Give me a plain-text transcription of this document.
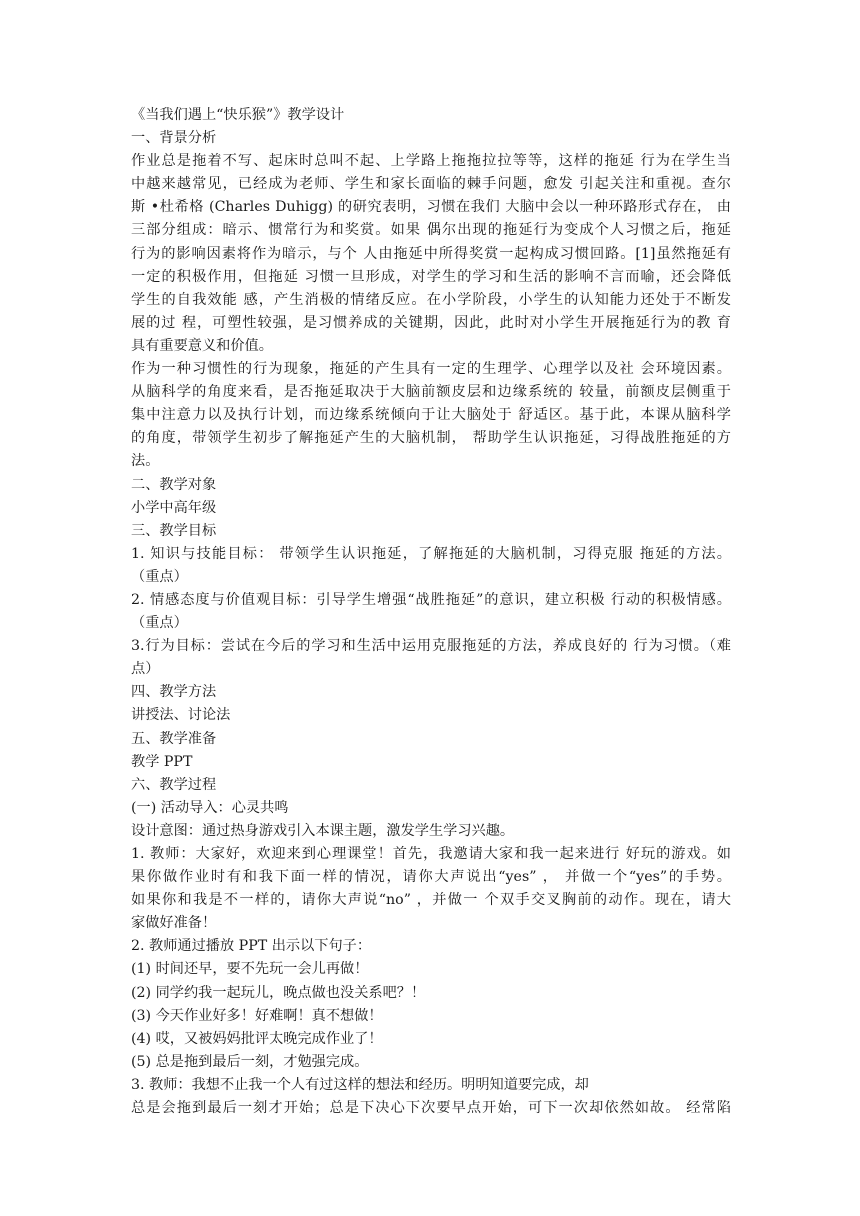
《当我们遇上“快乐猴”》教学设计
一、背景分析
作业总是拖着不写、起床时总叫不起、上学路上拖拖拉拉等等，这样的拖延 行为在学生当
中越来越常见，已经成为老师、学生和家长面临的棘手问题，愈发 引起关注和重视。查尔
斯 •杜希格 (Charles Duhigg) 的研究表明，习惯在我们 大脑中会以一种环路形式存在， 由
三部分组成：暗示、惯常行为和奖赏。如果 偶尔出现的拖延行为变成个人习惯之后，拖延
行为的影响因素将作为暗示，与个 人由拖延中所得奖赏一起构成习惯回路。[1]虽然拖延有
一定的积极作用，但拖延 习惯一旦形成，对学生的学习和生活的影响不言而喻，还会降低
学生的自我效能 感，产生消极的情绪反应。在小学阶段，小学生的认知能力还处于不断发
展的过 程，可塑性较强，是习惯养成的关键期，因此，此时对小学生开展拖延行为的教 育
具有重要意义和价值。
作为一种习惯性的行为现象，拖延的产生具有一定的生理学、心理学以及社 会环境因素。
从脑科学的角度来看，是否拖延取决于大脑前额皮层和边缘系统的 较量，前额皮层侧重于
集中注意力以及执行计划，而边缘系统倾向于让大脑处于 舒适区。基于此，本课从脑科学
的角度，带领学生初步了解拖延产生的大脑机制， 帮助学生认识拖延，习得战胜拖延的方
法。
二、教学对象
小学中高年级
三、教学目标
1. 知识与技能目标： 带领学生认识拖延，了解拖延的大脑机制，习得克服 拖延的方法。
（重点）
2. 情感态度与价值观目标：引导学生增强“战胜拖延”的意识，建立积极 行动的积极情感。
（重点）
3.行为目标：尝试在今后的学习和生活中运用克服拖延的方法，养成良好的 行为习惯。（难
点）
四、教学方法
讲授法、讨论法
五、教学准备
教学 PPT
六、教学过程
(一) 活动导入：心灵共鸣
设计意图：通过热身游戏引入本课主题，激发学生学习兴趣。
1. 教师：大家好，欢迎来到心理课堂！首先，我邀请大家和我一起来进行 好玩的游戏。如
果你做作业时有和我下面一样的情况，请你大声说出“yes” ， 并做一个“yes”的手势。
如果你和我是不一样的，请你大声说“no” ，并做一 个双手交叉胸前的动作。现在，请大
家做好准备！
2. 教师通过播放 PPT 出示以下句子：
(1) 时间还早，要不先玩一会儿再做！
(2) 同学约我一起玩儿，晚点做也没关系吧？！
(3) 今天作业好多！好难啊！真不想做！
(4) 哎，又被妈妈批评太晚完成作业了！
(5) 总是拖到最后一刻，才勉强完成。
3. 教师：我想不止我一个人有过这样的想法和经历。明明知道要完成，却
总是会拖到最后一刻才开始；总是下决心下次要早点开始，可下一次却依然如故。 经常陷
